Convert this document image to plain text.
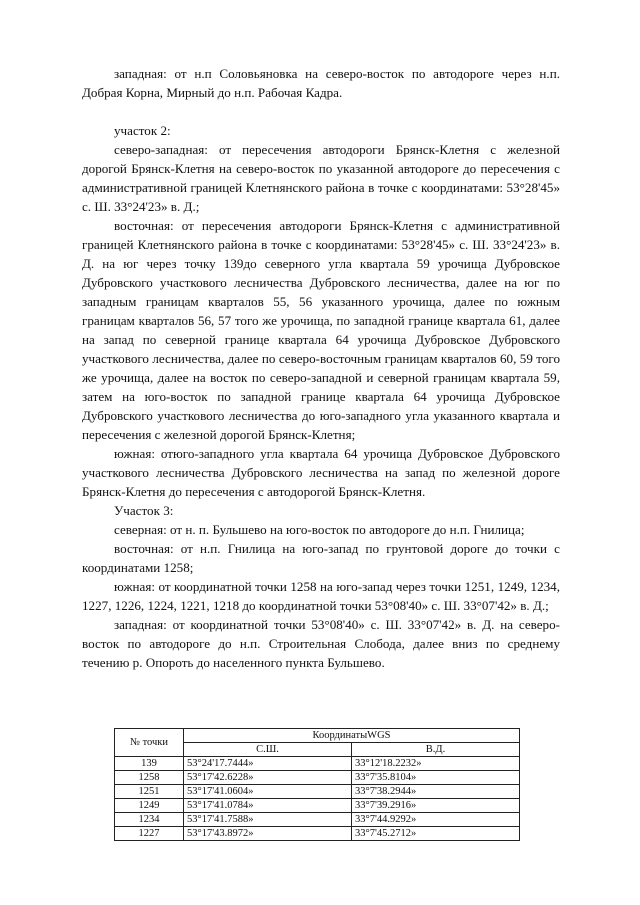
западная: от н.п Соловьяновка на северо-восток по автодороге через н.п. Добрая Корна, Мирный до н.п. Рабочая Кадра.

участок 2:

северо-западная: от пересечения автодороги Брянск-Клетня с железной дорогой Брянск-Клетня на северо-восток по указанной автодороге до пересечения с административной границей Клетнянского района в точке с координатами: 53°28'45» с. Ш. 33°24'23» в. Д.;

восточная: от пересечения автодороги Брянск-Клетня с административной границей Клетнянского района в точке с координатами: 53°28'45» с. Ш. 33°24'23» в. Д. на юг через точку 139до северного угла квартала 59 урочища Дубровское Дубровского участкового лесничества Дубровского лесничества, далее на юг по западным границам кварталов 55, 56 указанного урочища, далее по южным границам кварталов 56, 57 того же урочища, по западной границе квартала 61, далее на запад по северной границе квартала 64 урочища Дубровское Дубровского участкового лесничества, далее по северо-восточным границам кварталов 60, 59 того же урочища, далее на восток по северо-западной и северной границам квартала 59, затем на юго-восток по западной границе квартала 64 урочища Дубровское Дубровского участкового лесничества до юго-западного угла указанного квартала и пересечения с железной дорогой Брянск-Клетня;

южная: отюго-западного угла квартала 64 урочища Дубровское Дубровского участкового лесничества Дубровского лесничества на запад по железной дороге Брянск-Клетня до пересечения с автодорогой Брянск-Клетня.

Участок 3:

северная: от н. п. Бульшево на юго-восток по автодороге до н.п. Гнилица;

восточная: от н.п. Гнилица на юго-запад по грунтовой дороге до точки с координатами 1258;

южная: от координатной точки 1258 на юго-запад через точки 1251, 1249, 1234, 1227, 1226, 1224, 1221, 1218 до координатной точки 53°08'40» с. Ш. 33°07'42» в. Д.;

западная: от координатной точки 53°08'40» с. Ш. 33°07'42» в. Д. на северо-восток по автодороге до н.п. Строительная Слобода, далее вниз по среднему течению р. Опороть до населенного пункта Бульшево.

№ точки	КоординатыWGS	
	С.Ш.	В.Д.
139	53°24'17.7444»	33°12'18.2232»
1258	53°17'42.6228»	33°7'35.8104»
1251	53°17'41.0604»	33°7'38.2944»
1249	53°17'41.0784»	33°7'39.2916»
1234	53°17'41.7588»	33°7'44.9292»
1227	53°17'43.8972»	33°7'45.2712»
